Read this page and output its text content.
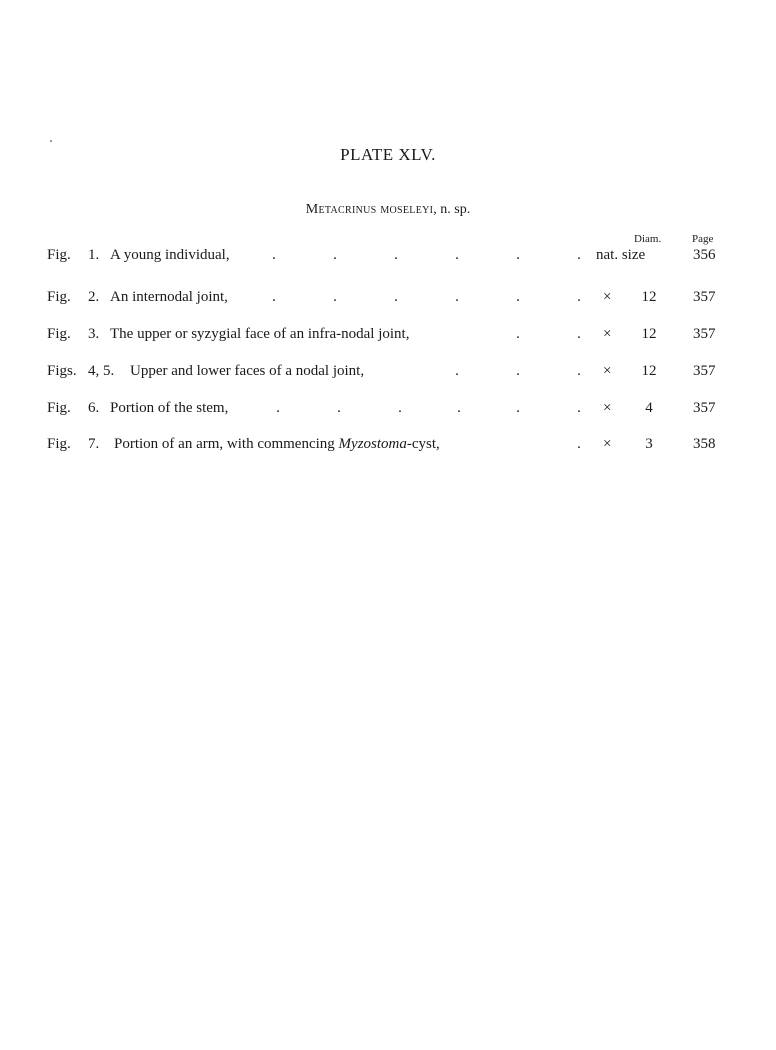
PLATE XLV.
Metacrinus moseleyi, n. sp.
Diam.	Page
Fig. 1. A young individual,	.	.	.	.	.	. nat. size	356
Fig. 2. An internodal joint,	.	.	.	.	.	. ×	12	357
Fig. 3. The upper or syzygial face of an infra-nodal joint,	.	. ×	12	357
Figs. 4, 5. Upper and lower faces of a nodal joint,	.	.	. ×	12	357
Fig. 6. Portion of the stem,	.	.	.	.	.	. ×	4	357
Fig. 7. Portion of an arm, with commencing Myzostoma-cyst,	. ×	3	358
